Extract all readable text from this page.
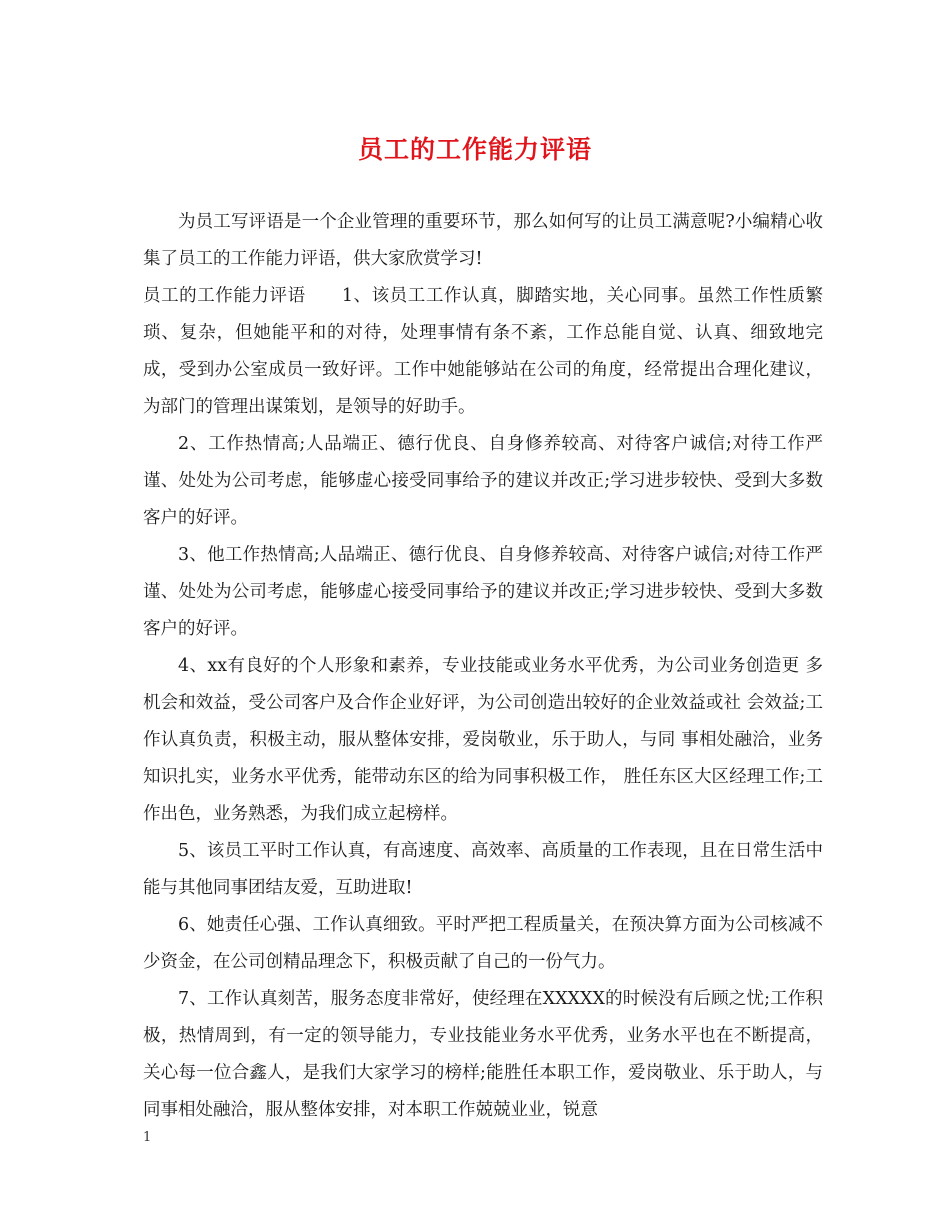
员工的工作能力评语

为员工写评语是一个企业管理的重要环节，那么如何写的让员工满意呢?小编精心收集了员工的工作能力评语，供大家欣赏学习!

员工的工作能力评语　　1、该员工工作认真，脚踏实地，关心同事。虽然工作性质繁琐、复杂，但她能平和的对待，处理事情有条不紊，工作总能自觉、认真、细致地完成，受到办公室成员一致好评。工作中她能够站在公司的角度，经常提出合理化建议，为部门的管理出谋策划，是领导的好助手。

2、工作热情高;人品端正、德行优良、自身修养较高、对待客户诚信;对待工作严谨、处处为公司考虑，能够虚心接受同事给予的建议并改正;学习进步较快、受到大多数客户的好评。

3、他工作热情高;人品端正、德行优良、自身修养较高、对待客户诚信;对待工作严谨、处处为公司考虑，能够虚心接受同事给予的建议并改正;学习进步较快、受到大多数客户的好评。

4、xx有良好的个人形象和素养，专业技能或业务水平优秀，为公司业务创造更 多机会和效益，受公司客户及合作企业好评，为公司创造出较好的企业效益或社 会效益;工作认真负责，积极主动，服从整体安排，爱岗敬业，乐于助人，与同 事相处融洽，业务知识扎实，业务水平优秀，能带动东区的给为同事积极工作， 胜任东区大区经理工作;工作出色，业务熟悉，为我们成立起榜样。

5、该员工平时工作认真，有高速度、高效率、高质量的工作表现，且在日常生活中能与其他同事团结友爱，互助进取!

6、她责任心强、工作认真细致。平时严把工程质量关，在预决算方面为公司核减不少资金，在公司创精品理念下，积极贡献了自己的一份气力。

7、工作认真刻苦，服务态度非常好，使经理在XXXXX的时候没有后顾之忧;工作积极，热情周到，有一定的领导能力，专业技能业务水平优秀，业务水平也在不断提高，关心每一位合鑫人，是我们大家学习的榜样;能胜任本职工作，爱岗敬业、乐于助人，与同事相处融洽，服从整体安排，对本职工作兢兢业业，锐意

1
